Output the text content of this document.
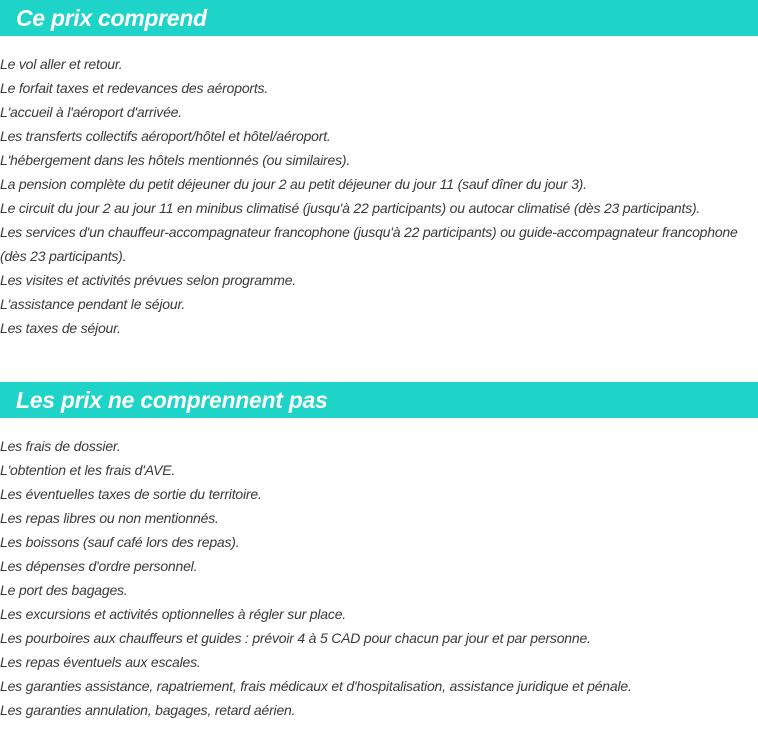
Ce prix comprend
Le vol aller et retour.
Le forfait taxes et redevances des aéroports.
L'accueil à l'aéroport d'arrivée.
Les transferts collectifs aéroport/hôtel et hôtel/aéroport.
L'hébergement dans les hôtels mentionnés (ou similaires).
La pension complète du petit déjeuner du jour 2 au petit déjeuner du jour 11 (sauf dîner du jour 3).
Le circuit du jour 2 au jour 11 en minibus climatisé (jusqu'à 22 participants) ou autocar climatisé (dès 23 participants).
Les services d'un chauffeur-accompagnateur francophone (jusqu'à 22 participants) ou guide-accompagnateur francophone (dès 23 participants).
Les visites et activités prévues selon programme.
L'assistance pendant le séjour.
Les taxes de séjour.
Les prix ne comprennent pas
Les frais de dossier.
L'obtention et les frais d'AVE.
Les éventuelles taxes de sortie du territoire.
Les repas libres ou non mentionnés.
Les boissons (sauf café lors des repas).
Les dépenses d'ordre personnel.
Le port des bagages.
Les excursions et activités optionnelles à régler sur place.
Les pourboires aux chauffeurs et guides : prévoir 4 à 5 CAD pour chacun par jour et par personne.
Les repas éventuels aux escales.
Les garanties assistance, rapatriement, frais médicaux et d'hospitalisation, assistance juridique et pénale.
Les garanties annulation, bagages, retard aérien.
